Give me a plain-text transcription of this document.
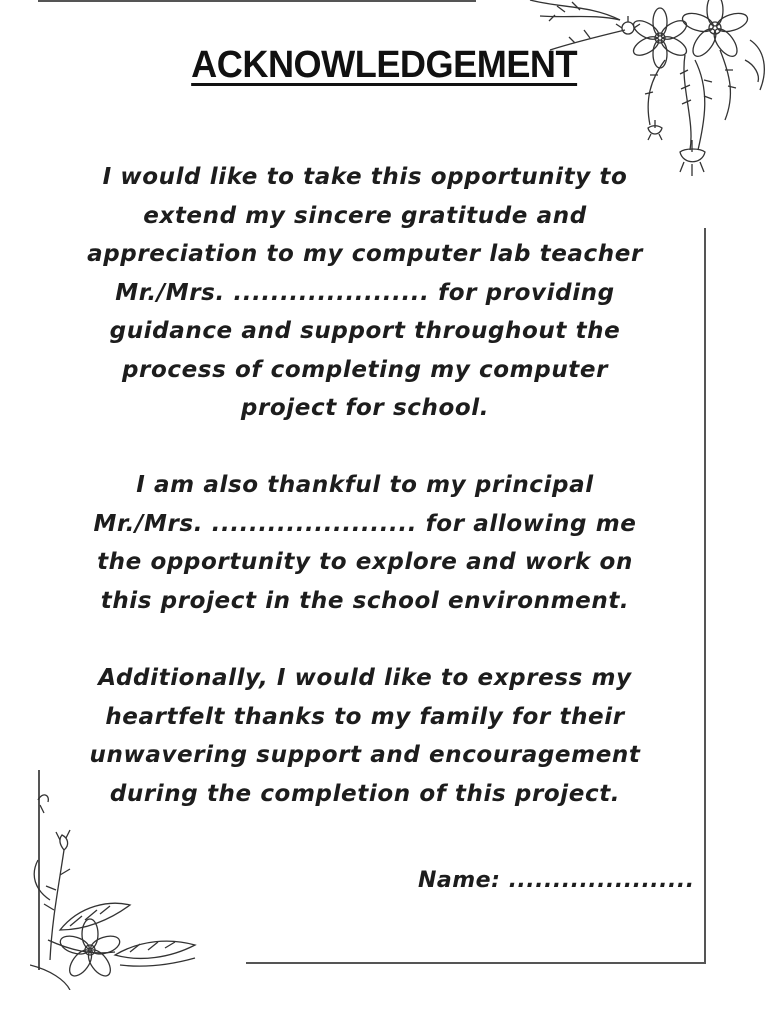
ACKNOWLEDGEMENT
I would like to take this opportunity to
extend my sincere gratitude and
appreciation to my computer lab teacher
Mr./Mrs. ..................... for providing
guidance and support throughout the
process of completing my computer
project for school.
I am also thankful to my principal
Mr./Mrs. ...................... for allowing me
the opportunity to explore and work on
this project in the school environment.
Additionally, I would like to express my
heartfelt thanks to my family for their
unwavering support and encouragement
during the completion of this project.
Name: .....................
